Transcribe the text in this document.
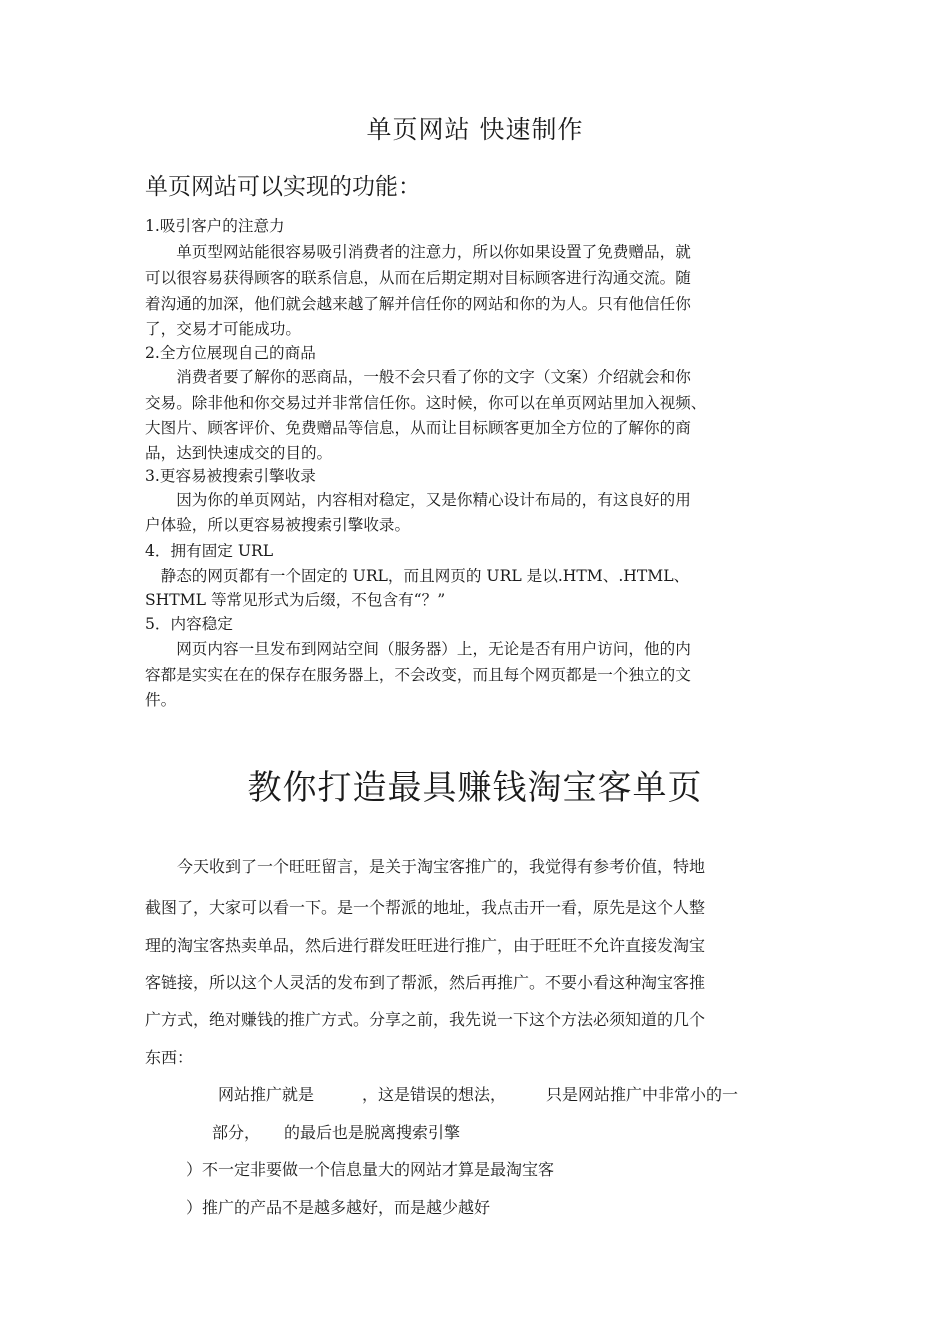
单页网站 快速制作
单页网站可以实现的功能：
1.吸引客户的注意力
　　单页型网站能很容易吸引消费者的注意力，所以你如果设置了免费赠品，就
可以很容易获得顾客的联系信息，从而在后期定期对目标顾客进行沟通交流。随
着沟通的加深，他们就会越来越了解并信任你的网站和你的为人。只有他信任你
了，交易才可能成功。
2.全方位展现自己的商品
　　消费者要了解你的恶商品，一般不会只看了你的文字（文案）介绍就会和你
交易。除非他和你交易过并非常信任你。这时候，你可以在单页网站里加入视频、
大图片、顾客评价、免费赠品等信息，从而让目标顾客更加全方位的了解你的商
品，达到快速成交的目的。
3.更容易被搜索引擎收录
　　因为你的单页网站，内容相对稳定，又是你精心设计布局的，有这良好的用
户体验，所以更容易被搜索引擎收录。
4．拥有固定 URL
　静态的网页都有一个固定的 URL，而且网页的 URL 是以.HTM、.HTML、
SHTML 等常见形式为后缀，不包含有“？”
5．内容稳定
　　网页内容一旦发布到网站空间（服务器）上，无论是否有用户访问，他的内
容都是实实在在的保存在服务器上，不会改变，而且每个网页都是一个独立的文
件。
教你打造最具赚钱淘宝客单页
　　今天收到了一个旺旺留言，是关于淘宝客推广的，我觉得有参考价值，特地
截图了，大家可以看一下。是一个帮派的地址，我点击开一看，原先是这个人整
理的淘宝客热卖单品，然后进行群发旺旺进行推广，由于旺旺不允许直接发淘宝
客链接，所以这个人灵活的发布到了帮派，然后再推广。不要小看这种淘宝客推
广方式，绝对赚钱的推广方式。分享之前，我先说一下这个方法必须知道的几个
东西：
网站推广就是　　　，这是错误的想法，　　　只是网站推广中非常小的一
部分，　　的最后也是脱离搜索引擎
）不一定非要做一个信息量大的网站才算是最淘宝客
）推广的产品不是越多越好，而是越少越好
